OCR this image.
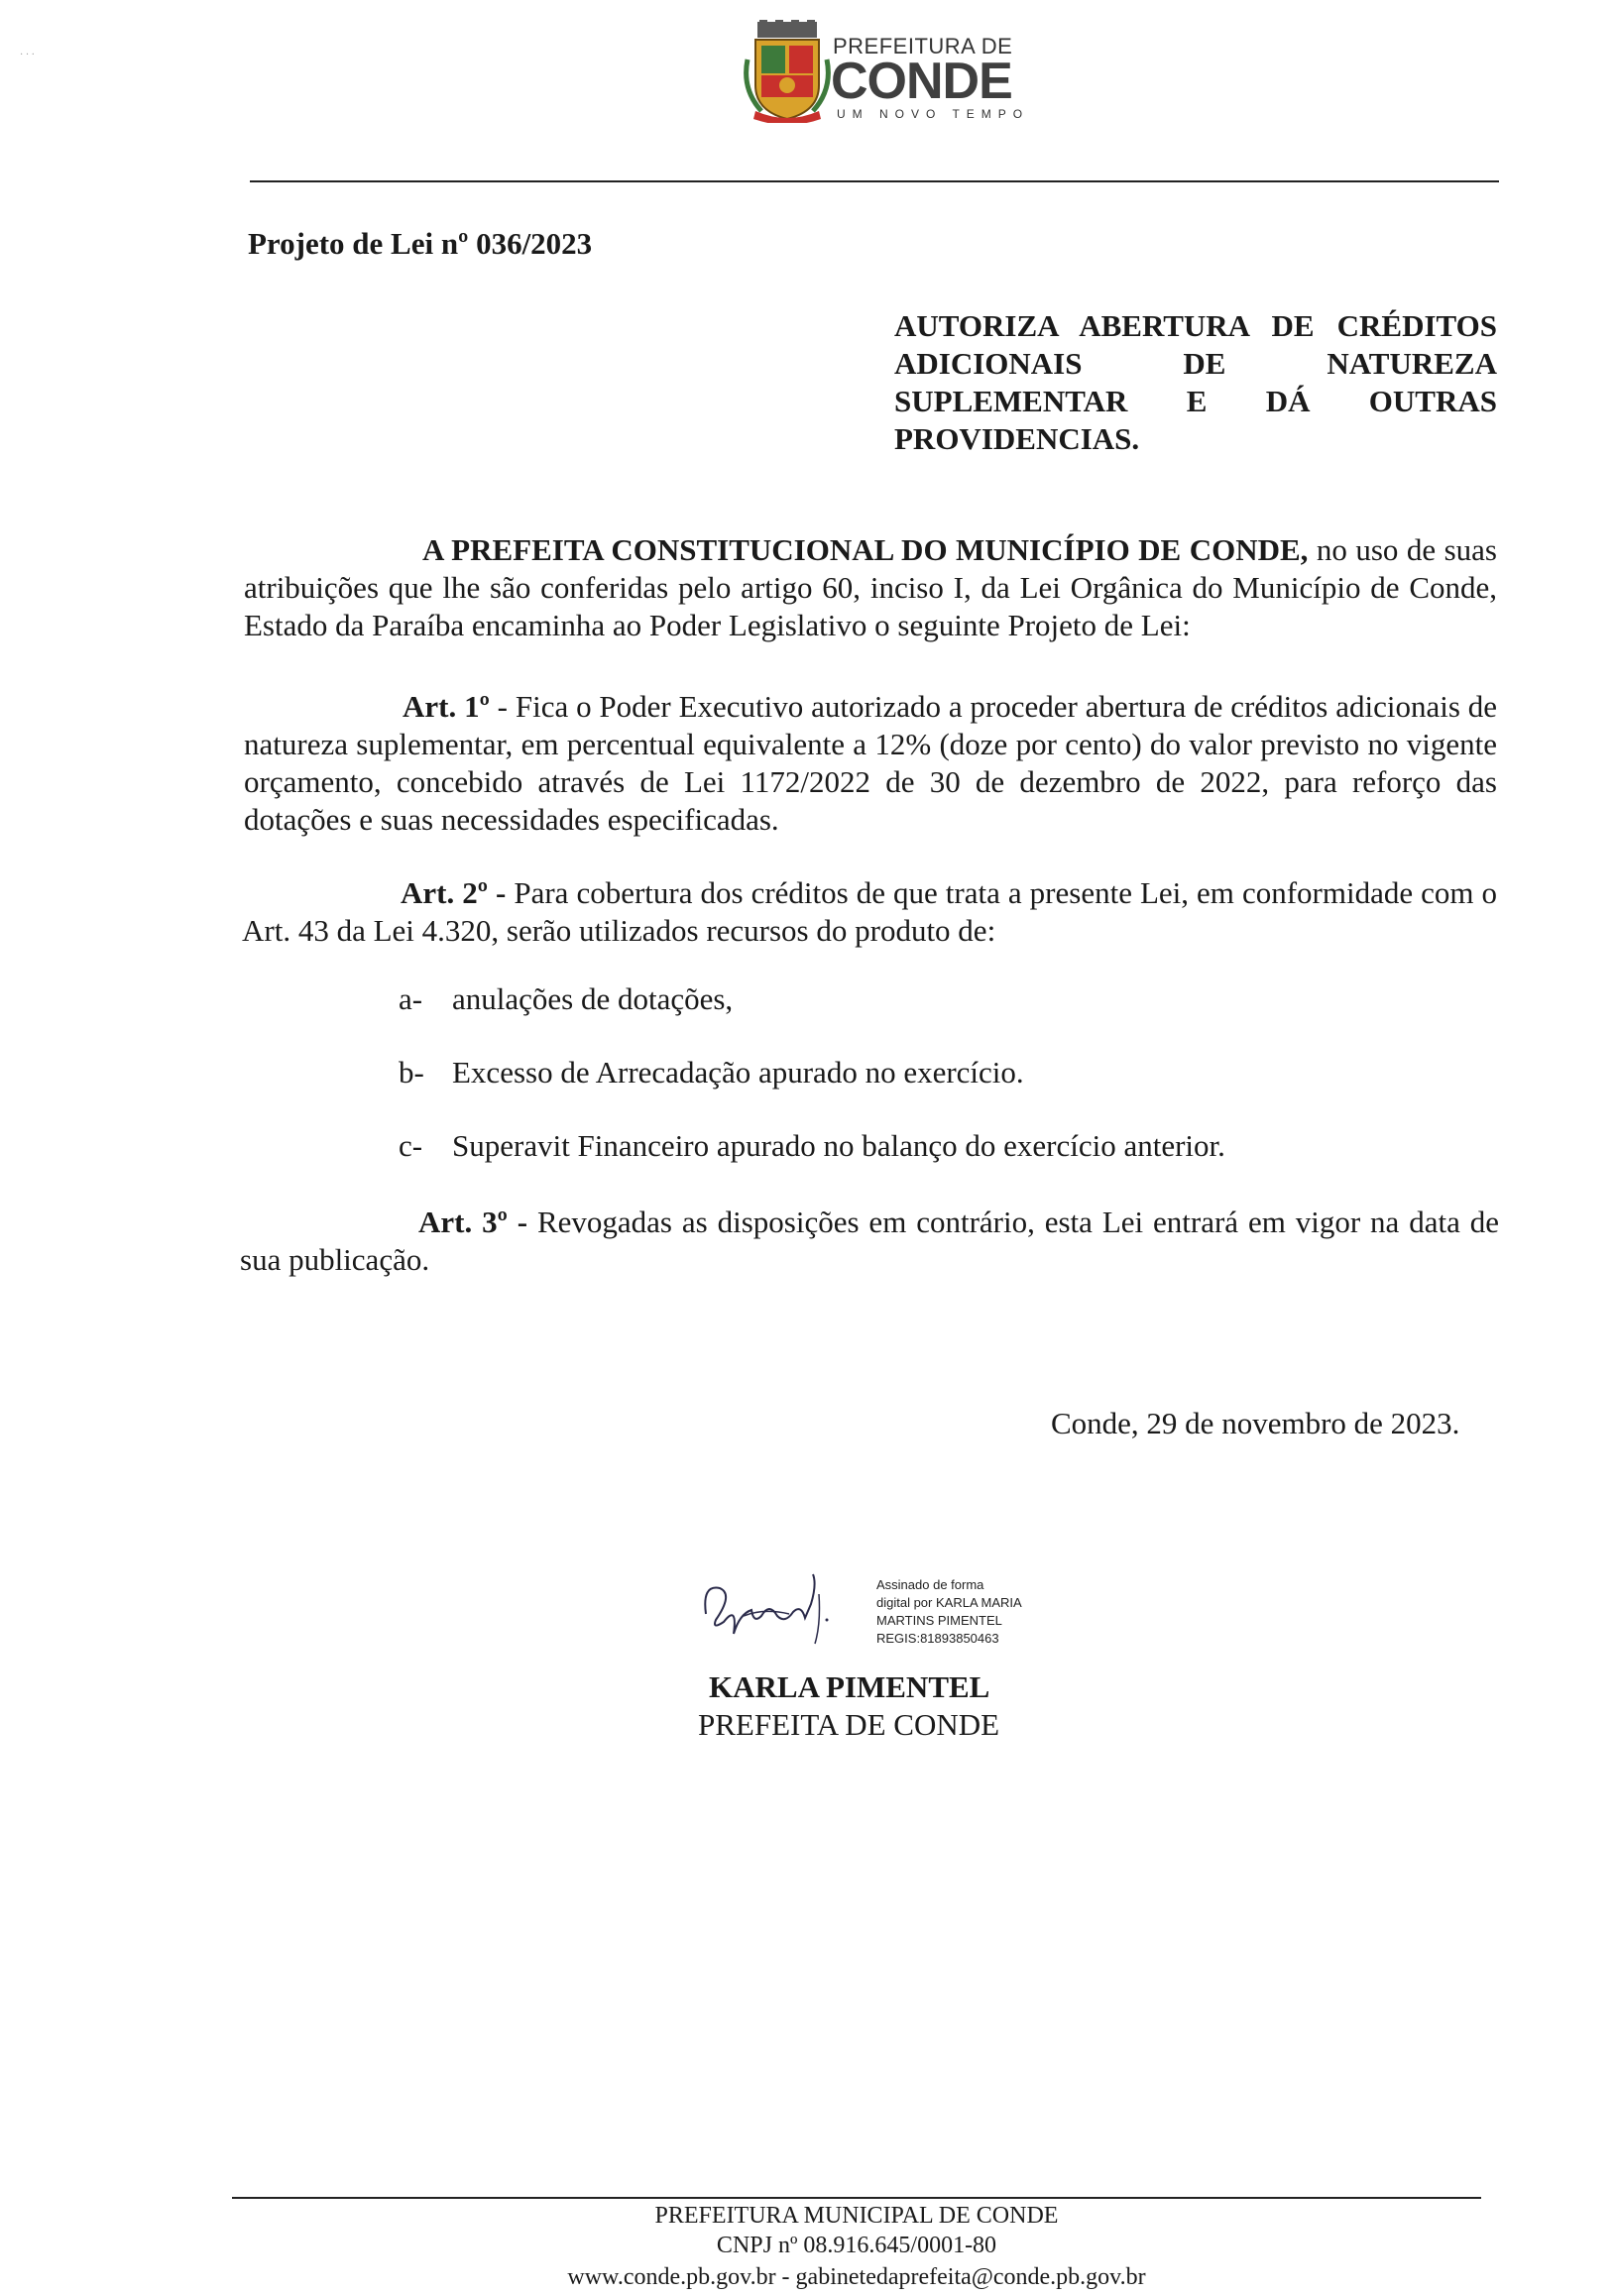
PREFEITURA DE
CONDE
UM NOVO TEMPO
· · ·
Projeto de Lei nº 036/2023
AUTORIZA ABERTURA DE CRÉDITOS ADICIONAIS DE NATUREZA SUPLEMENTAR E DÁ OUTRAS PROVIDENCIAS.
A PREFEITA CONSTITUCIONAL DO MUNICÍPIO DE CONDE, no uso de suas atribuições que lhe são conferidas pelo artigo 60, inciso I, da Lei Orgânica do Município de Conde, Estado da Paraíba encaminha ao Poder Legislativo o seguinte Projeto de Lei:
Art. 1º - Fica o Poder Executivo autorizado a proceder abertura de créditos adicionais de natureza suplementar, em percentual equivalente a 12% (doze por cento) do valor previsto no vigente orçamento, concebido através de Lei 1172/2022 de 30 de dezembro de 2022, para reforço das dotações e suas necessidades especificadas.
Art. 2º - Para cobertura dos créditos de que trata a presente Lei, em conformidade com o Art. 43 da Lei 4.320, serão utilizados recursos do produto de:
a- anulações de dotações,
b- Excesso de Arrecadação apurado no exercício.
c- Superavit Financeiro apurado no balanço do exercício anterior.
Art. 3º - Revogadas as disposições em contrário, esta Lei entrará em vigor na data de sua publicação.
Conde, 29 de novembro de 2023.
Assinado de forma
digital por KARLA MARIA
MARTINS PIMENTEL
REGIS:81893850463
KARLA PIMENTEL
PREFEITA DE CONDE
PREFEITURA MUNICIPAL DE CONDE
CNPJ nº 08.916.645/0001-80
www.conde.pb.gov.br - gabinetedaprefeita@conde.pb.gov.br
